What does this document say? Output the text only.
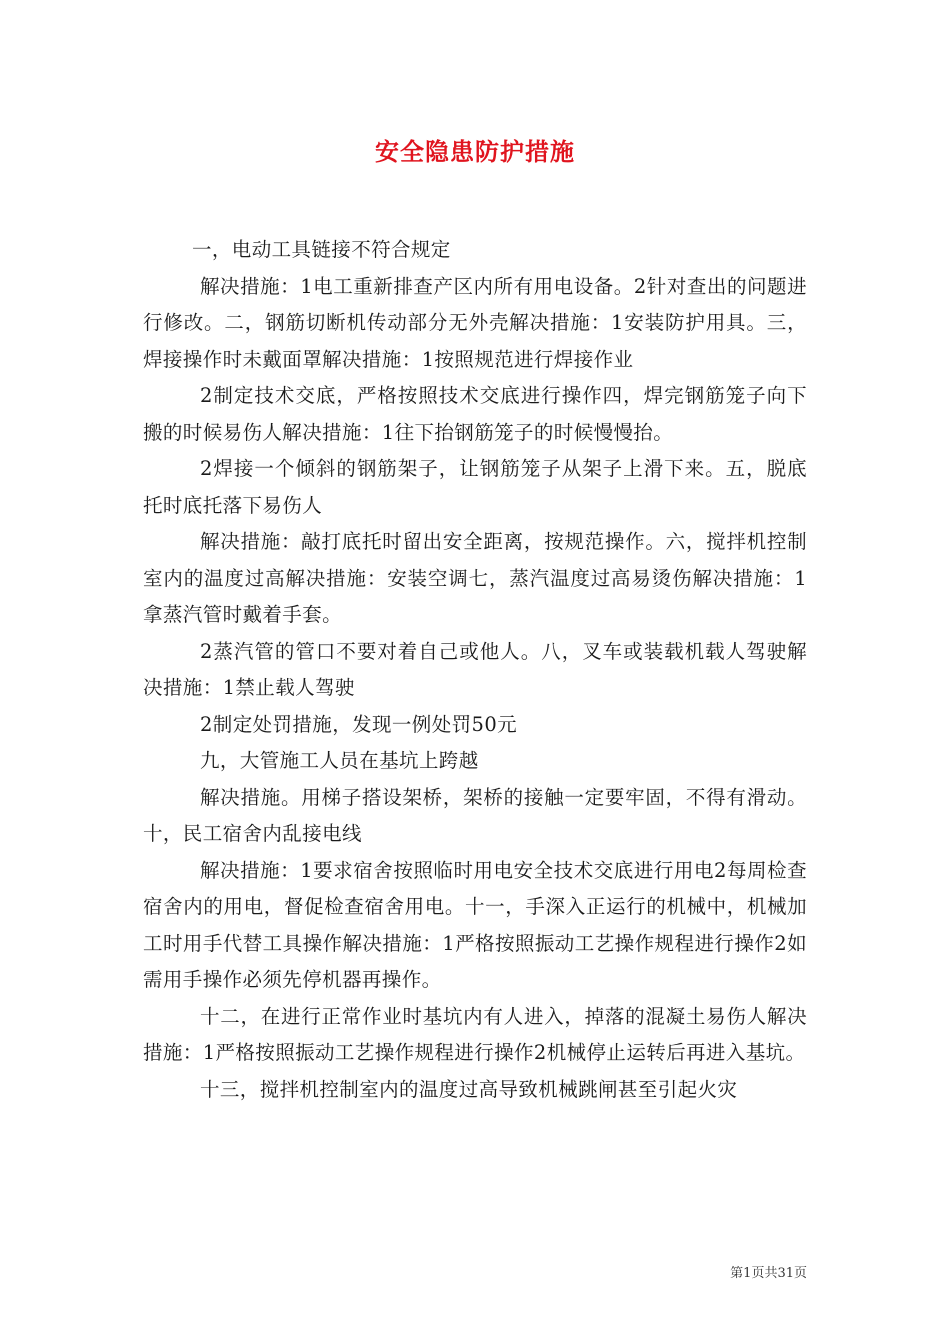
安全隐患防护措施

一，电动工具链接不符合规定

解决措施：1电工重新排查产区内所有用电设备。2针对查出的问题进行修改。二，钢筋切断机传动部分无外壳解决措施：1安装防护用具。三，焊接操作时未戴面罩解决措施：1按照规范进行焊接作业

2制定技术交底，严格按照技术交底进行操作四，焊完钢筋笼子向下搬的时候易伤人解决措施：1往下抬钢筋笼子的时候慢慢抬。

2焊接一个倾斜的钢筋架子，让钢筋笼子从架子上滑下来。五，脱底托时底托落下易伤人

解决措施：敲打底托时留出安全距离，按规范操作。六，搅拌机控制室内的温度过高解决措施：安装空调七，蒸汽温度过高易烫伤解决措施：1拿蒸汽管时戴着手套。

2蒸汽管的管口不要对着自己或他人。八，叉车或装载机载人驾驶解决措施：1禁止载人驾驶

2制定处罚措施，发现一例处罚50元

九，大管施工人员在基坑上跨越

解决措施。用梯子搭设架桥，架桥的接触一定要牢固，不得有滑动。十，民工宿舍内乱接电线

解决措施：1要求宿舍按照临时用电安全技术交底进行用电2每周检查宿舍内的用电，督促检查宿舍用电。十一，手深入正运行的机械中，机械加工时用手代替工具操作解决措施：1严格按照振动工艺操作规程进行操作2如需用手操作必须先停机器再操作。

十二，在进行正常作业时基坑内有人进入，掉落的混凝土易伤人解决措施：1严格按照振动工艺操作规程进行操作2机械停止运转后再进入基坑。

十三，搅拌机控制室内的温度过高导致机械跳闸甚至引起火灾

第1页共31页
